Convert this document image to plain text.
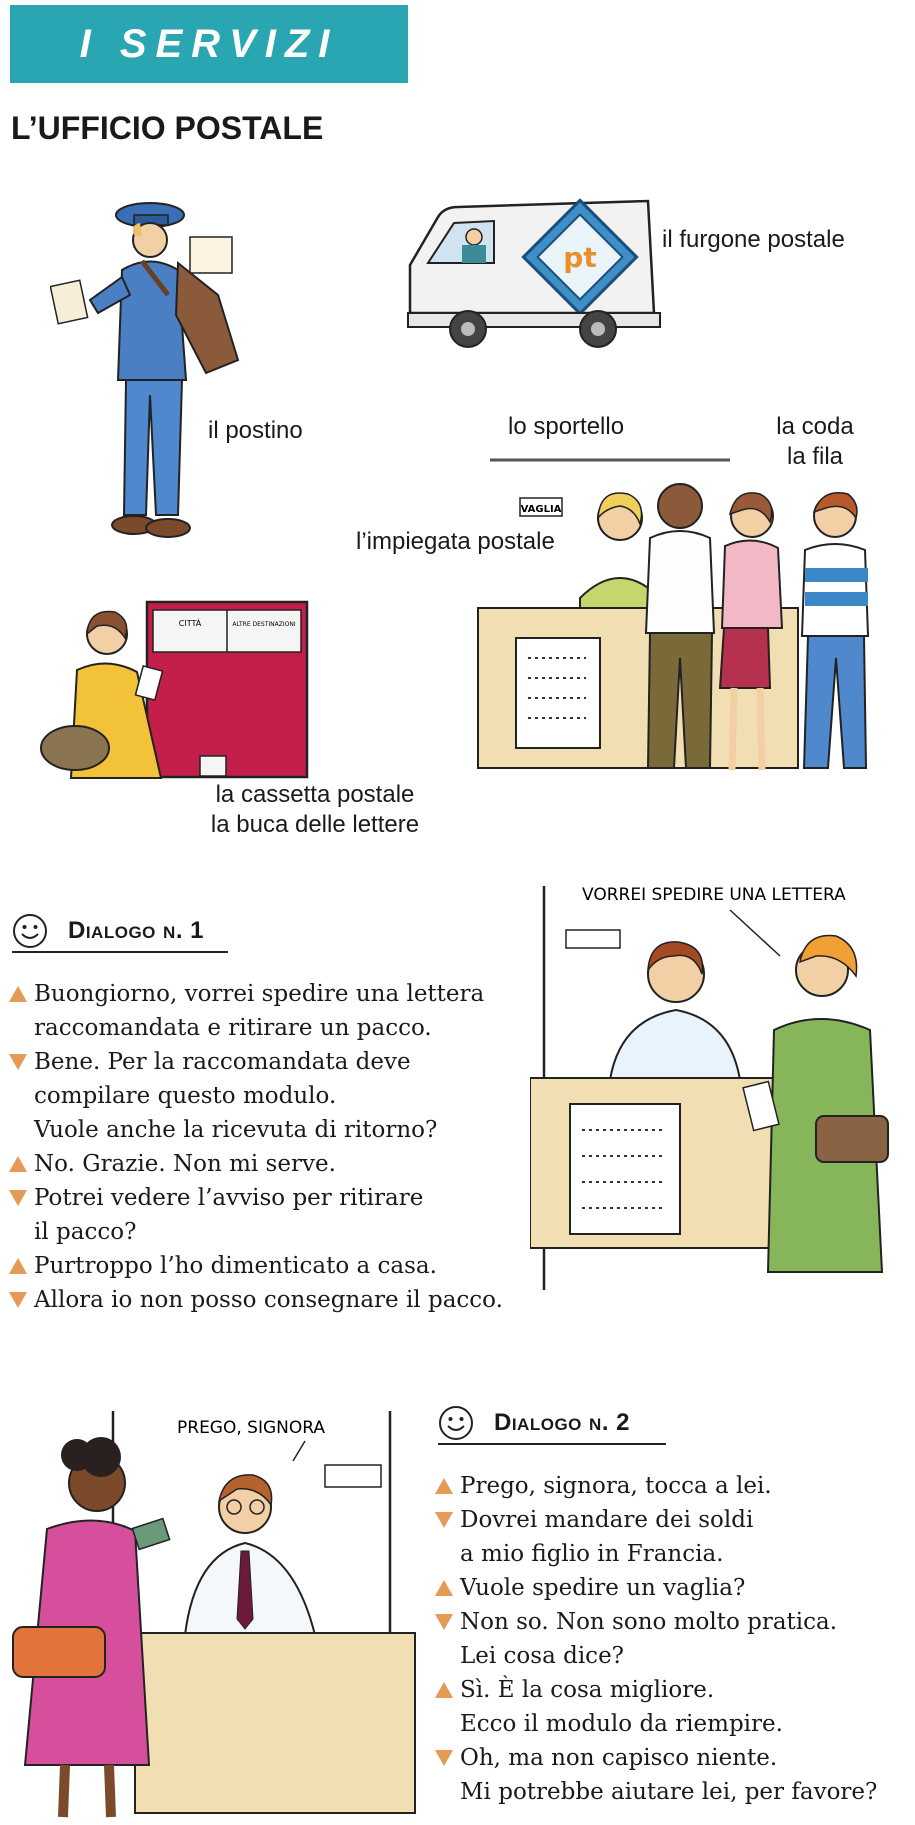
I SERVIZI
L’UFFICIO POSTALE
pt
VAGLIA
CITTÀ	ALTRE DESTINAZIONI
il furgone postale
il postino	lo sportello	la coda
la fila
l’impiegata postale
la cassetta postale
la buca delle lettere
Dialogo n. 1
Buongiorno, vorrei spedire una lettera
raccomandata e ritirare un pacco.
Bene. Per la raccomandata deve
compilare questo modulo.
Vuole anche la ricevuta di ritorno?
No. Grazie. Non mi serve.
Potrei vedere l’avviso per ritirare
il pacco?
Purtroppo l’ho dimenticato a casa.
Allora io non posso consegnare il pacco.
VORREI SPEDIRE UNA LETTERA
Dialogo n. 2
PREGO, SIGNORA
Prego, signora, tocca a lei.
Dovrei mandare dei soldi
a mio figlio in Francia.
Vuole spedire un vaglia?
Non so. Non sono molto pratica.
Lei cosa dice?
Sì. È la cosa migliore.
Ecco il modulo da riempire.
Oh, ma non capisco niente.
Mi potrebbe aiutare lei, per favore?
